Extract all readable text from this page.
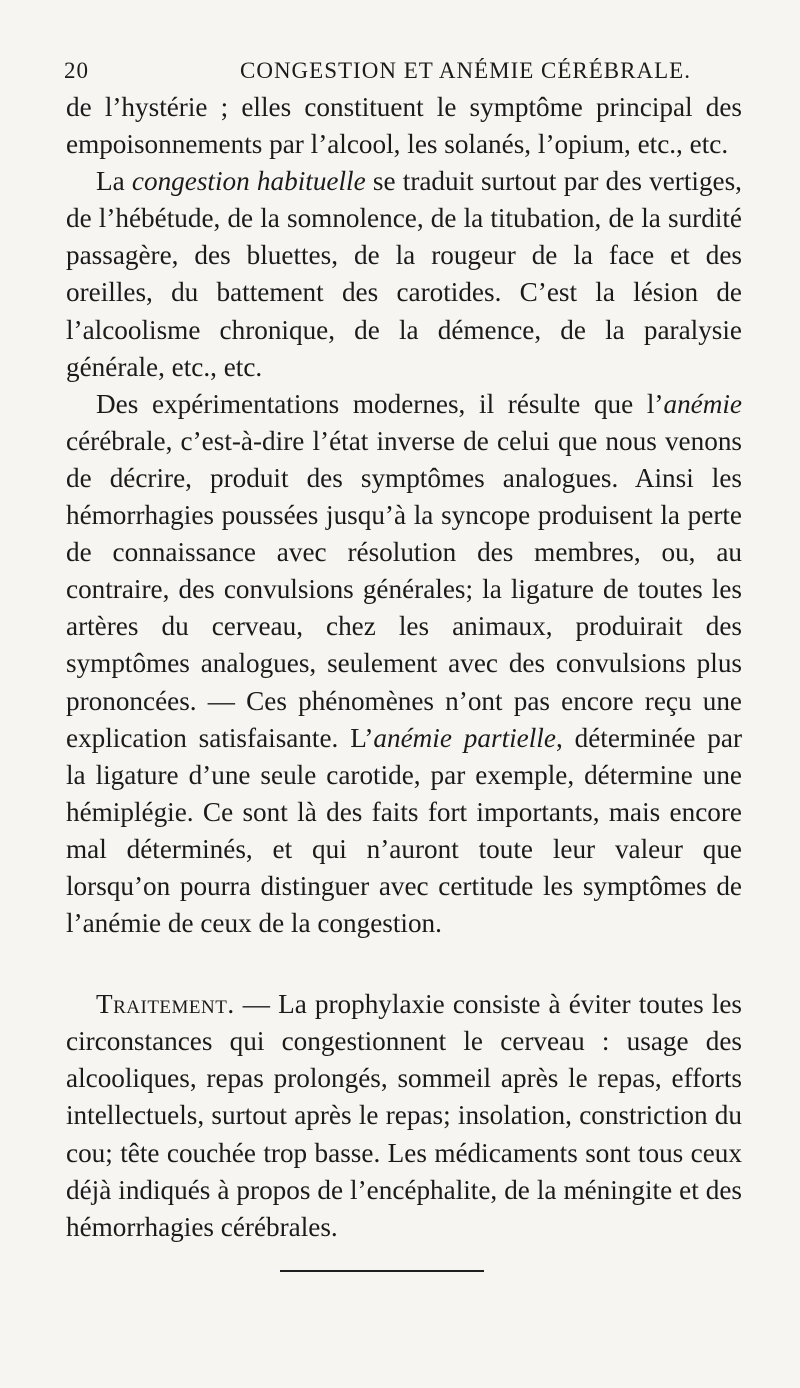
20	CONGESTION ET ANÉMIE CÉRÉBRALE.

de l’hystérie ; elles constituent le symptôme principal des empoisonnements par l’alcool, les solanés, l’opium, etc., etc.

La congestion habituelle se traduit surtout par des vertiges, de l’hébétude, de la somnolence, de la titubation, de la surdité passagère, des bluettes, de la rougeur de la face et des oreilles, du battement des carotides. C’est la lésion de l’alcoolisme chronique, de la démence, de la paralysie générale, etc., etc.

Des expérimentations modernes, il résulte que l’anémie cérébrale, c’est-à-dire l’état inverse de celui que nous venons de décrire, produit des symptômes analogues. Ainsi les hémorrhagies poussées jusqu’à la syncope produisent la perte de connaissance avec résolution des membres, ou, au contraire, des convulsions générales; la ligature de toutes les artères du cerveau, chez les animaux, produirait des symptômes analogues, seulement avec des convulsions plus prononcées. — Ces phénomènes n’ont pas encore reçu une explication satisfaisante. L’anémie partielle, déterminée par la ligature d’une seule carotide, par exemple, détermine une hémiplégie. Ce sont là des faits fort importants, mais encore mal déterminés, et qui n’auront toute leur valeur que lorsqu’on pourra distinguer avec certitude les symptômes de l’anémie de ceux de la congestion.

Traitement. — La prophylaxie consiste à éviter toutes les circonstances qui congestionnent le cerveau : usage des alcooliques, repas prolongés, sommeil après le repas, efforts intellectuels, surtout après le repas; insolation, constriction du cou; tête couchée trop basse. Les médicaments sont tous ceux déjà indiqués à propos de l’encéphalite, de la méningite et des hémorrhagies cérébrales.
